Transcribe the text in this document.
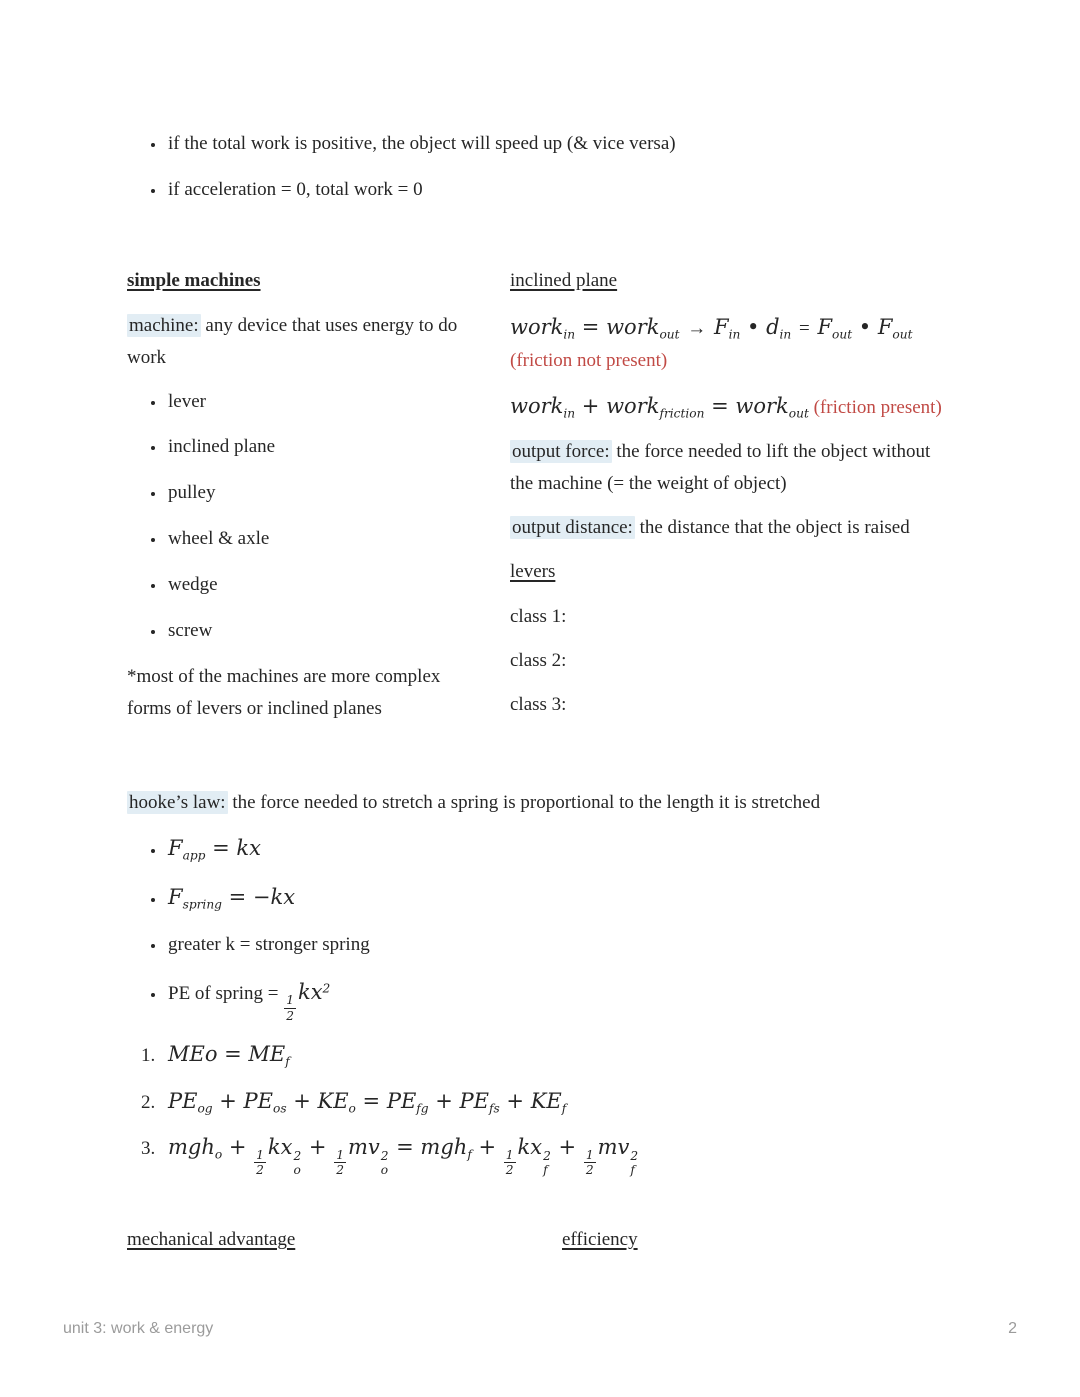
• if the total work is positive, the object will speed up (& vice versa)
• if acceleration = 0, total work = 0

simple machines

machine: any device that uses energy to do work

• lever
• inclined plane
• pulley
• wheel & axle
• wedge
• screw

*most of the machines are more complex forms of levers or inclined planes

inclined plane

work$_{in}$ = work$_{out}$ → $F_{in}$ • $d_{in} = F_{out}$ • $F_{out}$ (friction not present)

work$_{in}$ + work$_{friction}$ = work$_{out}$ (friction present)

output force: the force needed to lift the object without the machine (= the weight of object)

output distance: the distance that the object is raised

levers

class 1:

class 2:

class 3:

hooke’s law: the force needed to stretch a spring is proportional to the length it is stretched

• $F_{app}$ = kx
• $F_{spring} = -kx$
• greater k = stronger spring
• PE of spring = $\frac{1}{2}$
$kx^2$
1. MEo = $ME_f$
2. $PE_{og} + PE_{os} + KE_o = PE_{fg} + PE_{fs} + KE_f$
3. mgh$_o$ +
$\frac{1}{2}$
kx 2
o
+
$\frac{1}{2}$
mv 2
o
= mgh$_f$ +
$\frac{1}{2}$
kx 2
f
+
$\frac{1}{2}$
mv 2
f

mechanical advantage	efficiency

unit 3: work & energy	2
